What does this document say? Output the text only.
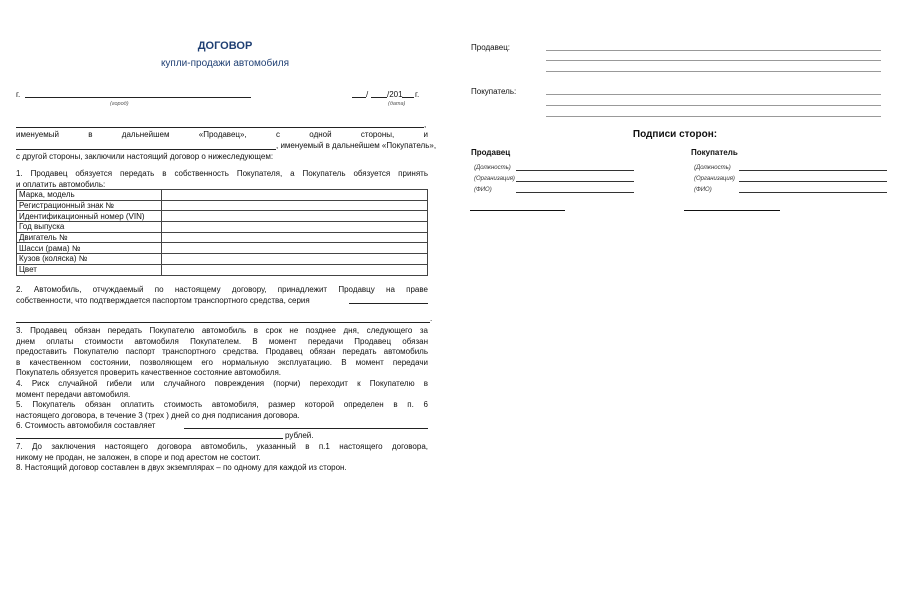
ДОГОВОР
купли-продажи автомобиля
г.
(город)
/ /201 г.
(дата)
,
именуемый	в	дальнейшем	«Продавец»,	с	одной	стороны,	и
, именуемый в дальнейшем «Покупатель»,
с другой стороны, заключили настоящий договор о нижеследующем:
1. Продавец обязуется передать в собственность Покупателя, а Покупатель обязуется принять
и оплатить автомобиль:
Марка, модель	
Регистрационный знак №	
Идентификационный номер (VIN)	
Год выпуска	
Двигатель №	
Шасси (рама) №	
Кузов (коляска) №	
Цвет	
2. Автомобиль, отчуждаемый по настоящему договору, принадлежит Продавцу на праве
собственности, что подтверждается паспортом транспортного средства, серия
.
3. Продавец обязан передать Покупателю автомобиль в срок не позднее дня, следующего за
днем оплаты стоимости автомобиля Покупателем. В момент передачи Продавец обязан
предоставить Покупателю паспорт транспортного средства. Продавец обязан передать автомобиль
в качественном состоянии, позволяющем его нормальную эксплуатацию. В момент передачи
Покупатель обязуется проверить качественное состояние автомобиля.
4. Риск случайной гибели или случайного повреждения (порчи) переходит к Покупателю в
момент передачи автомобиля.
5. Покупатель обязан оплатить стоимость автомобиля, размер которой определен в п. 6
настоящего договора, в течение 3 (трех ) дней со дня подписания договора.
6. Стоимость автомобиля составляет
рублей.
7. До заключения настоящего договора автомобиль, указанный в п.1 настоящего договора,
никому не продан, не заложен, в споре и под арестом не состоит.
8. Настоящий договор составлен в двух экземплярах – по одному для каждой из сторон.
Продавец:
Покупатель:
Подписи сторон:
Продавец
(Должность)
(Организация)
(ФИО)
Покупатель
(Должность)
(Организация)
(ФИО)
